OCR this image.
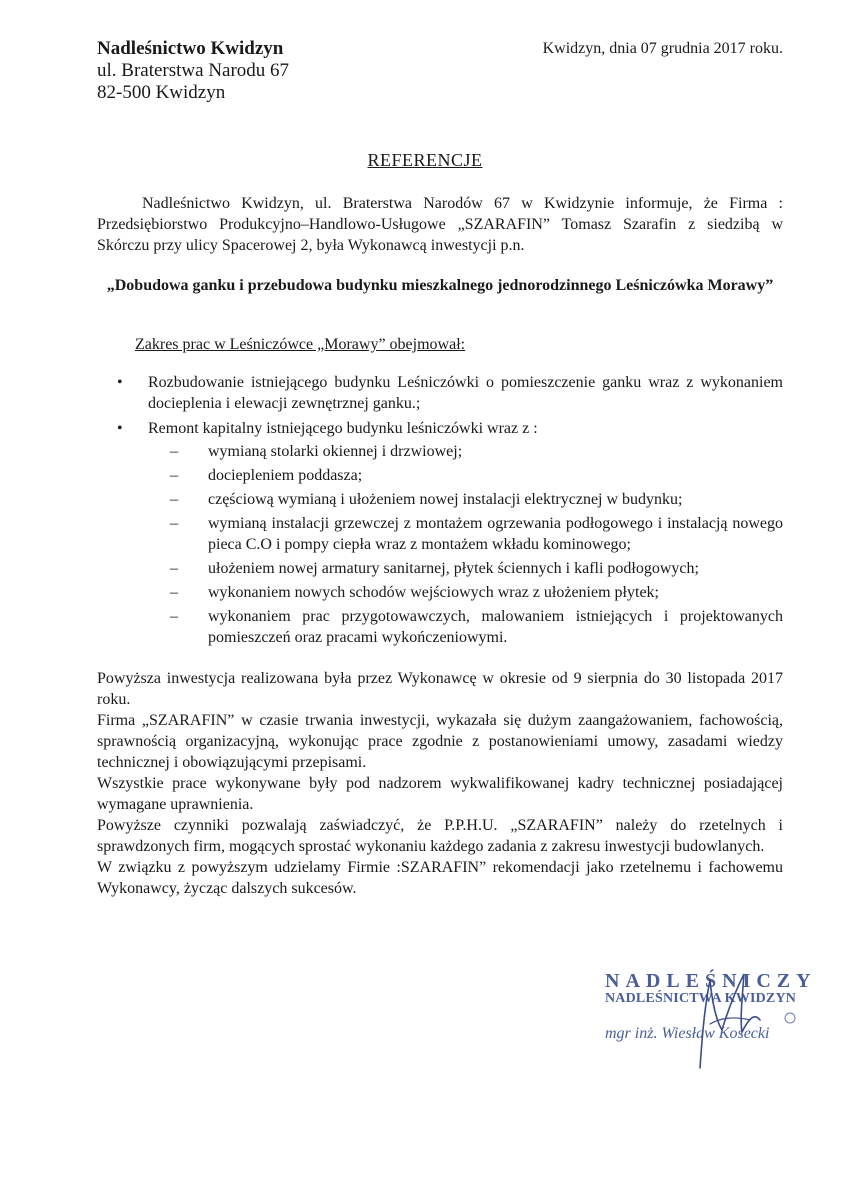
Nadleśnictwo Kwidzyn
ul. Braterstwa Narodu 67
82-500 Kwidzyn
Kwidzyn, dnia 07 grudnia 2017 roku.
REFERENCJE
Nadleśnictwo Kwidzyn, ul. Braterstwa Narodów 67 w Kwidzynie informuje, że Firma : Przedsiębiorstwo Produkcyjno–Handlowo-Usługowe „SZARAFIN” Tomasz Szarafin z siedzibą w Skórczu przy ulicy Spacerowej 2, była Wykonawcą inwestycji p.n.
„Dobudowa ganku i przebudowa budynku mieszkalnego jednorodzinnego Leśniczówka Morawy”
Zakres prac w Leśniczówce „Morawy” obejmował:
• Rozbudowanie istniejącego budynku Leśniczówki o pomieszczenie ganku wraz z wykonaniem docieplenia i elewacji zewnętrznej ganku.;
• Remont kapitalny istniejącego budynku leśniczówki wraz z :
– wymianą stolarki okiennej i drzwiowej;
– dociepleniem poddasza;
– częściową wymianą i ułożeniem nowej instalacji elektrycznej w budynku;
– wymianą instalacji grzewczej z montażem ogrzewania podłogowego i instalacją nowego pieca C.O i pompy ciepła wraz z montażem wkładu kominowego;
– ułożeniem nowej armatury sanitarnej, płytek ściennych i kafli podłogowych;
– wykonaniem nowych schodów wejściowych wraz z ułożeniem płytek;
– wykonaniem prac przygotowawczych, malowaniem istniejących i projektowanych pomieszczeń oraz pracami wykończeniowymi.

Powyższa inwestycja realizowana była przez Wykonawcę w okresie od 9 sierpnia do 30 listopada 2017 roku.

Firma „SZARAFIN” w czasie trwania inwestycji, wykazała się dużym zaangażowaniem, fachowością, sprawnością organizacyjną, wykonując prace zgodnie z postanowieniami umowy, zasadami wiedzy technicznej i obowiązującymi przepisami.

Wszystkie prace wykonywane były pod nadzorem wykwalifikowanej kadry technicznej posiadającej wymagane uprawnienia.

Powyższe czynniki pozwalają zaświadczyć, że P.P.H.U. „SZARAFIN” należy do rzetelnych i sprawdzonych firm, mogących sprostać wykonaniu każdego zadania z zakresu inwestycji budowlanych.

W związku z powyższym udzielamy Firmie :SZARAFIN” rekomendacji jako rzetelnemu i fachowemu Wykonawcy, życząc dalszych sukcesów.

NADLEŚNICZY
NADLEŚNICTWA KWIDZYN
mgr inż. Wiesław Kosecki
